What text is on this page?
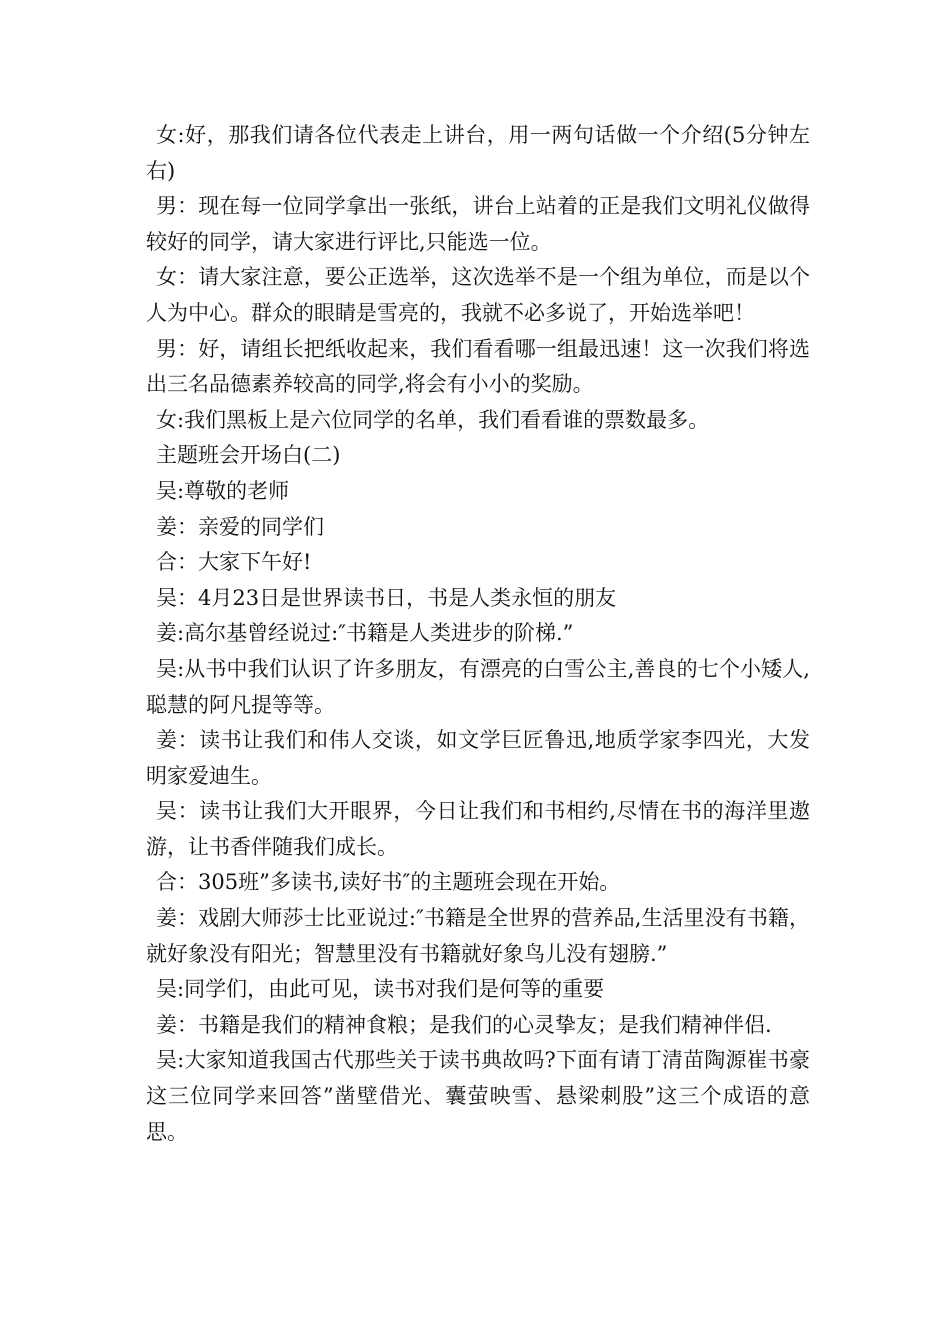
女:好，那我们请各位代表走上讲台，用一两句话做一个介绍(5分钟左右)

男：现在每一位同学拿出一张纸，讲台上站着的正是我们文明礼仪做得较好的同学，请大家进行评比,只能选一位。

女：请大家注意，要公正选举，这次选举不是一个组为单位，而是以个人为中心。群众的眼睛是雪亮的，我就不必多说了，开始选举吧！

男：好，请组长把纸收起来，我们看看哪一组最迅速！这一次我们将选出三名品德素养较高的同学,将会有小小的奖励。

女:我们黑板上是六位同学的名单，我们看看谁的票数最多。

主题班会开场白(二)

吴:尊敬的老师

姜：亲爱的同学们

合：大家下午好!

吴：4月23日是世界读书日，书是人类永恒的朋友

姜:高尔基曾经说过:″书籍是人类进步的阶梯.”

吴:从书中我们认识了许多朋友，有漂亮的白雪公主,善良的七个小矮人,聪慧的阿凡提等等。

姜：读书让我们和伟人交谈，如文学巨匠鲁迅,地质学家李四光，大发明家爱迪生。

吴：读书让我们大开眼界，今日让我们和书相约,尽情在书的海洋里遨游，让书香伴随我们成长。

合：305班”多读书,读好书″的主题班会现在开始。

姜：戏剧大师莎士比亚说过:″书籍是全世界的营养品,生活里没有书籍，就好象没有阳光；智慧里没有书籍就好象鸟儿没有翅膀.”

吴:同学们，由此可见，读书对我们是何等的重要

姜：书籍是我们的精神食粮；是我们的心灵挚友；是我们精神伴侣.

吴:大家知道我国古代那些关于读书典故吗?下面有请丁清苗陶源崔书豪这三位同学来回答”凿壁借光、囊萤映雪、悬梁刺股”这三个成语的意思。
